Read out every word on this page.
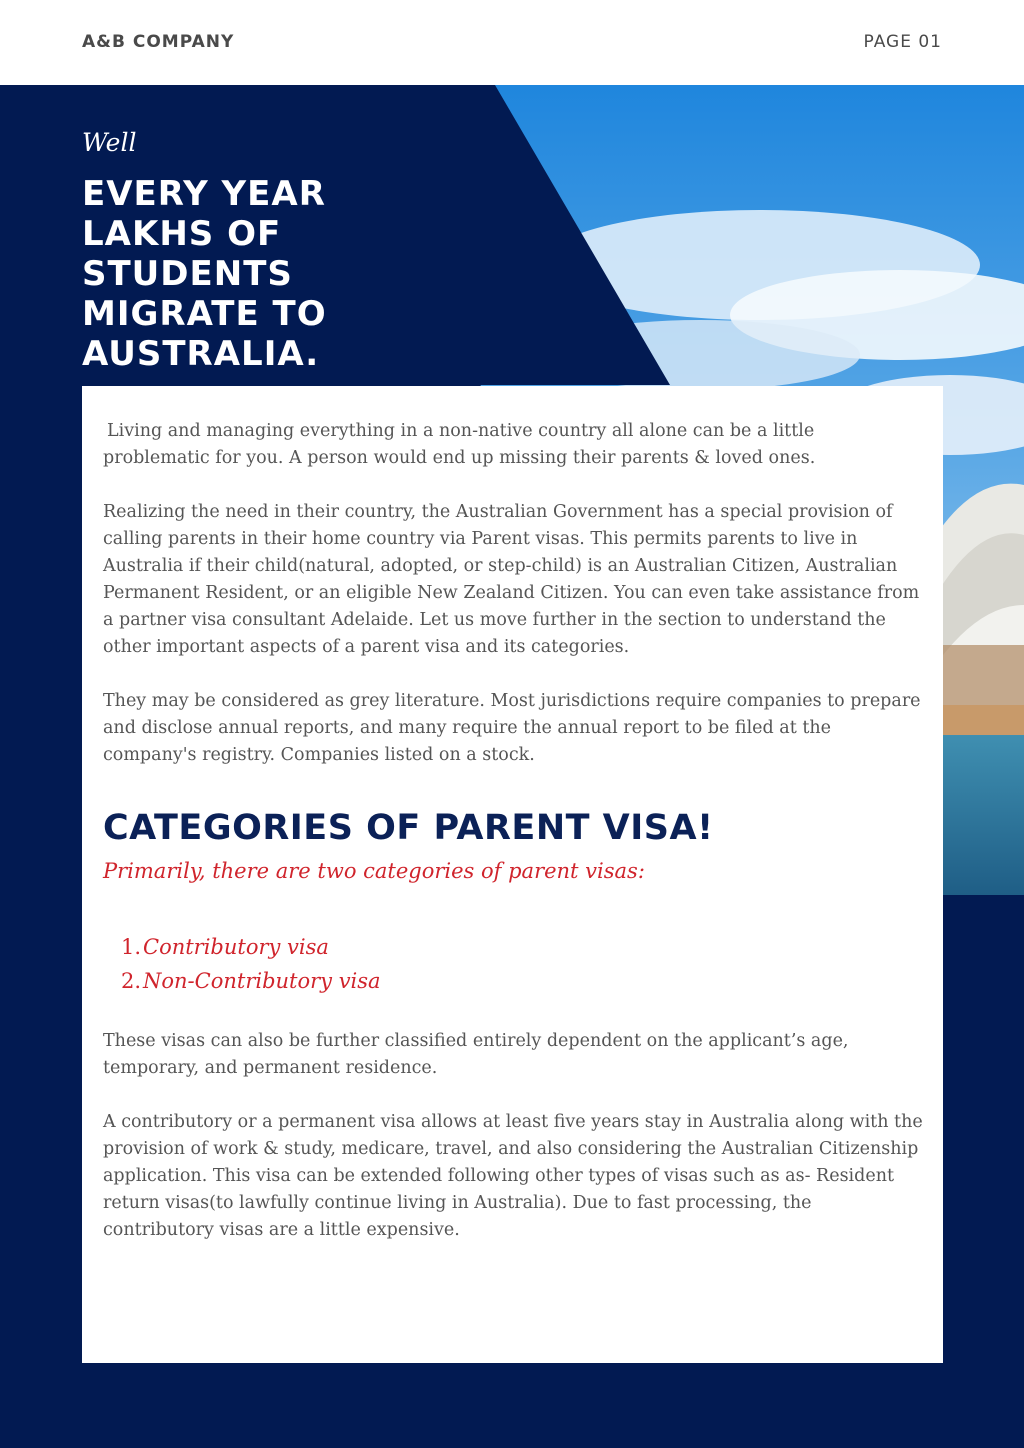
A&B COMPANY	PAGE 01
Well
EVERY YEAR
LAKHS OF
STUDENTS
MIGRATE TO
AUSTRALIA.

Living and managing everything in a non-native country all alone can be a little problematic for you. A person would end up missing their parents & loved ones.

Realizing the need in their country, the Australian Government has a special provision of calling parents in their home country via Parent visas. This permits parents to live in Australia if their child(natural, adopted, or step-child) is an Australian Citizen, Australian Permanent Resident, or an eligible New Zealand Citizen. You can even take assistance from a partner visa consultant Adelaide. Let us move further in the section to understand the other important aspects of a parent visa and its categories.

They may be considered as grey literature. Most jurisdictions require companies to prepare and disclose annual reports, and many require the annual report to be filed at the company's registry. Companies listed on a stock.

CATEGORIES OF PARENT VISA!
Primarily, there are two categories of parent visas:
1. Contributory visa
2. Non-Contributory visa

These visas can also be further classified entirely dependent on the applicant’s age, temporary, and permanent residence.

A contributory or a permanent visa allows at least five years stay in Australia along with the provision of work & study, medicare, travel, and also considering the Australian Citizenship application. This visa can be extended following other types of visas such as as- Resident return visas(to lawfully continue living in Australia). Due to fast processing, the contributory visas are a little expensive.
